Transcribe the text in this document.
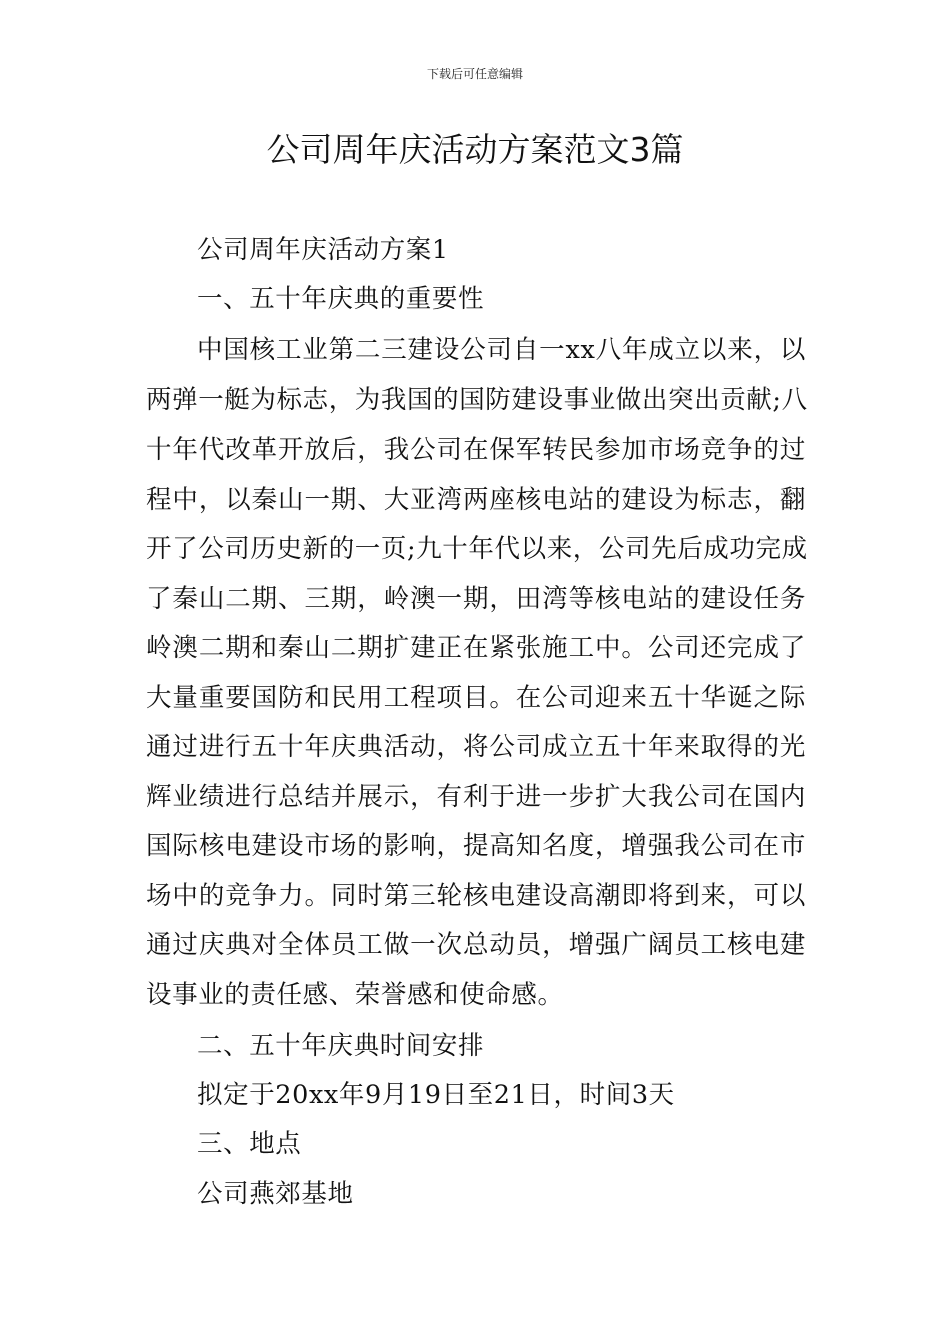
下载后可任意编辑
公司周年庆活动方案范文3篇
公司周年庆活动方案1
一、五十年庆典的重要性
中国核工业第二三建设公司自一xx八年成立以来，以
两弹一艇为标志，为我国的国防建设事业做出突出贡献;八
十年代改革开放后，我公司在保军转民参加市场竞争的过
程中，以秦山一期、大亚湾两座核电站的建设为标志，翻
开了公司历史新的一页;九十年代以来，公司先后成功完成
了秦山二期、三期，岭澳一期，田湾等核电站的建设任务
岭澳二期和秦山二期扩建正在紧张施工中。公司还完成了
大量重要国防和民用工程项目。在公司迎来五十华诞之际
通过进行五十年庆典活动，将公司成立五十年来取得的光
辉业绩进行总结并展示，有利于进一步扩大我公司在国内
国际核电建设市场的影响，提高知名度，增强我公司在市
场中的竞争力。同时第三轮核电建设高潮即将到来，可以
通过庆典对全体员工做一次总动员，增强广阔员工核电建
设事业的责任感、荣誉感和使命感。
二、五十年庆典时间安排
拟定于20xx年9月19日至21日，时间3天
三、地点
公司燕郊基地
